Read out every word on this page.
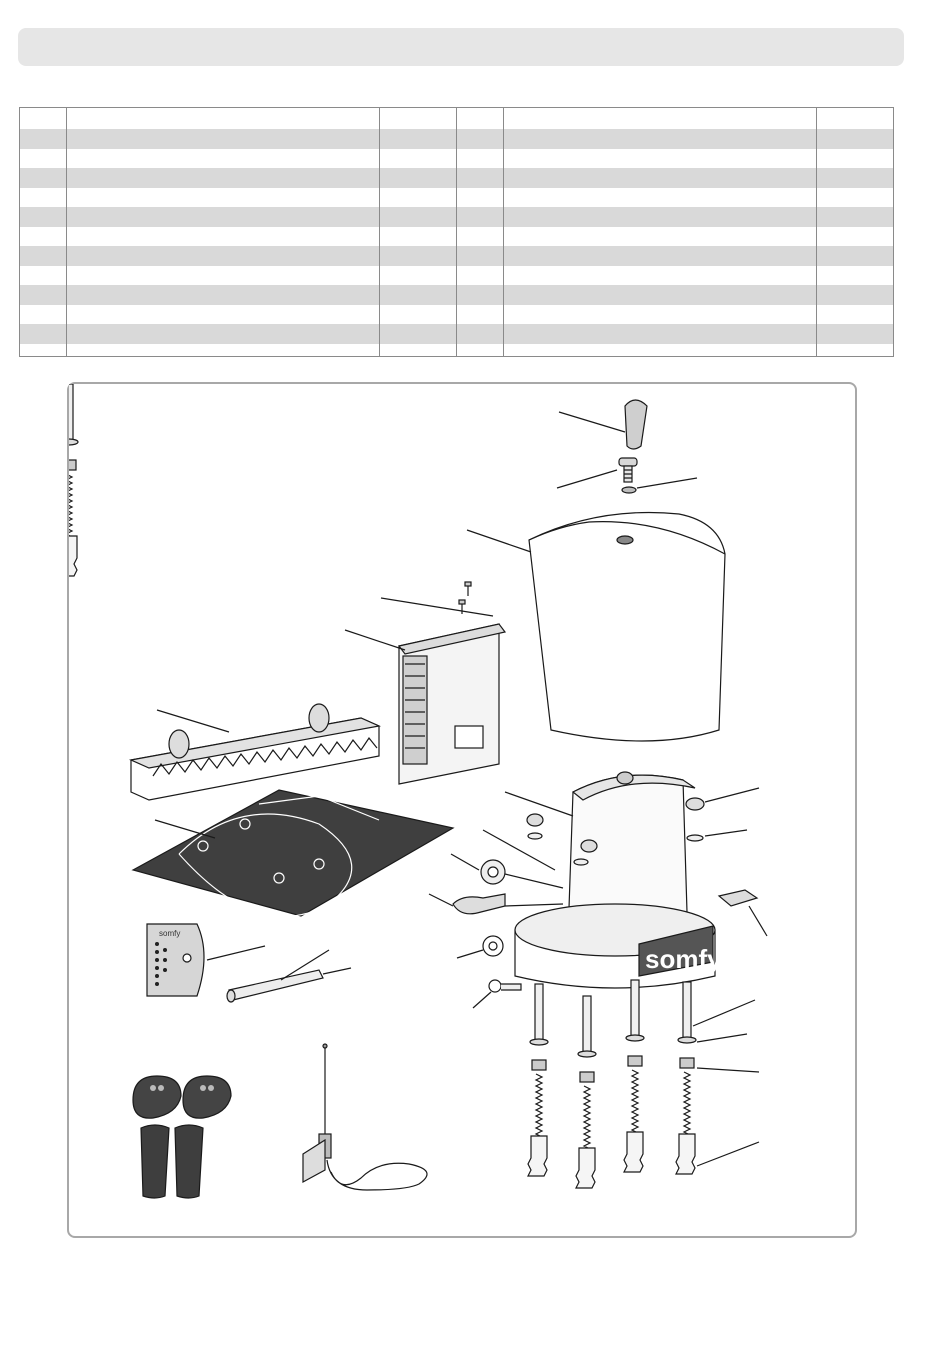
somfy
somfy
